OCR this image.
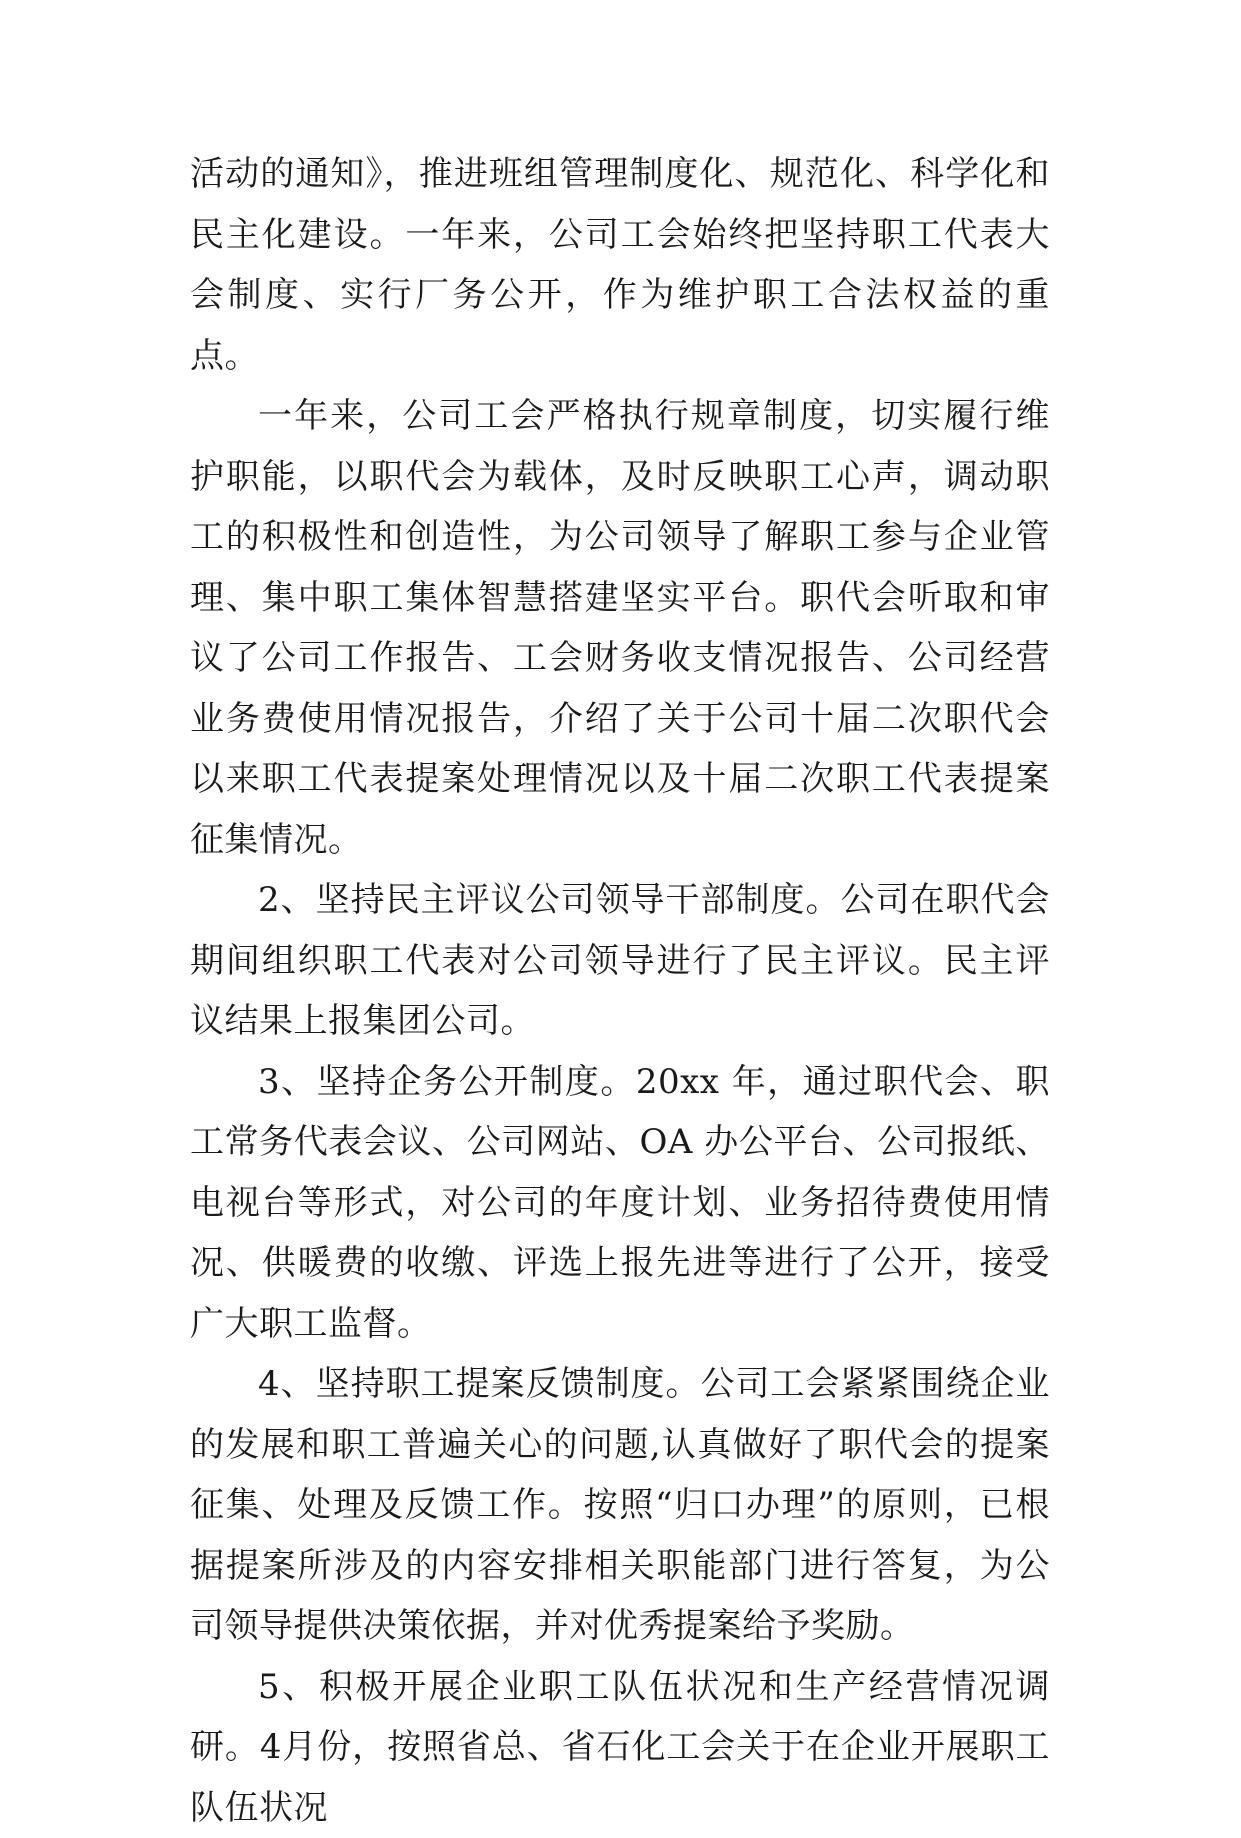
活动的通知》，推进班组管理制度化、规范化、科学化和民主化建设。一年来，公司工会始终把坚持职工代表大会制度、实行厂务公开，作为维护职工合法权益的重点。

一年来，公司工会严格执行规章制度，切实履行维护职能，以职代会为载体，及时反映职工心声，调动职工的积极性和创造性，为公司领导了解职工参与企业管理、集中职工集体智慧搭建坚实平台。职代会听取和审议了公司工作报告、工会财务收支情况报告、公司经营业务费使用情况报告，介绍了关于公司十届二次职代会以来职工代表提案处理情况以及十届二次职工代表提案征集情况。

2、坚持民主评议公司领导干部制度。公司在职代会期间组织职工代表对公司领导进行了民主评议。民主评议结果上报集团公司。

3、坚持企务公开制度。20xx 年，通过职代会、职工常务代表会议、公司网站、OA 办公平台、公司报纸、电视台等形式，对公司的年度计划、业务招待费使用情况、供暖费的收缴、评选上报先进等进行了公开，接受广大职工监督。

4、坚持职工提案反馈制度。公司工会紧紧围绕企业的发展和职工普遍关心的问题,认真做好了职代会的提案征集、处理及反馈工作。按照“归口办理”的原则，已根据提案所涉及的内容安排相关职能部门进行答复，为公司领导提供决策依据，并对优秀提案给予奖励。

5、积极开展企业职工队伍状况和生产经营情况调研。4月份，按照省总、省石化工会关于在企业开展职工队伍状况
